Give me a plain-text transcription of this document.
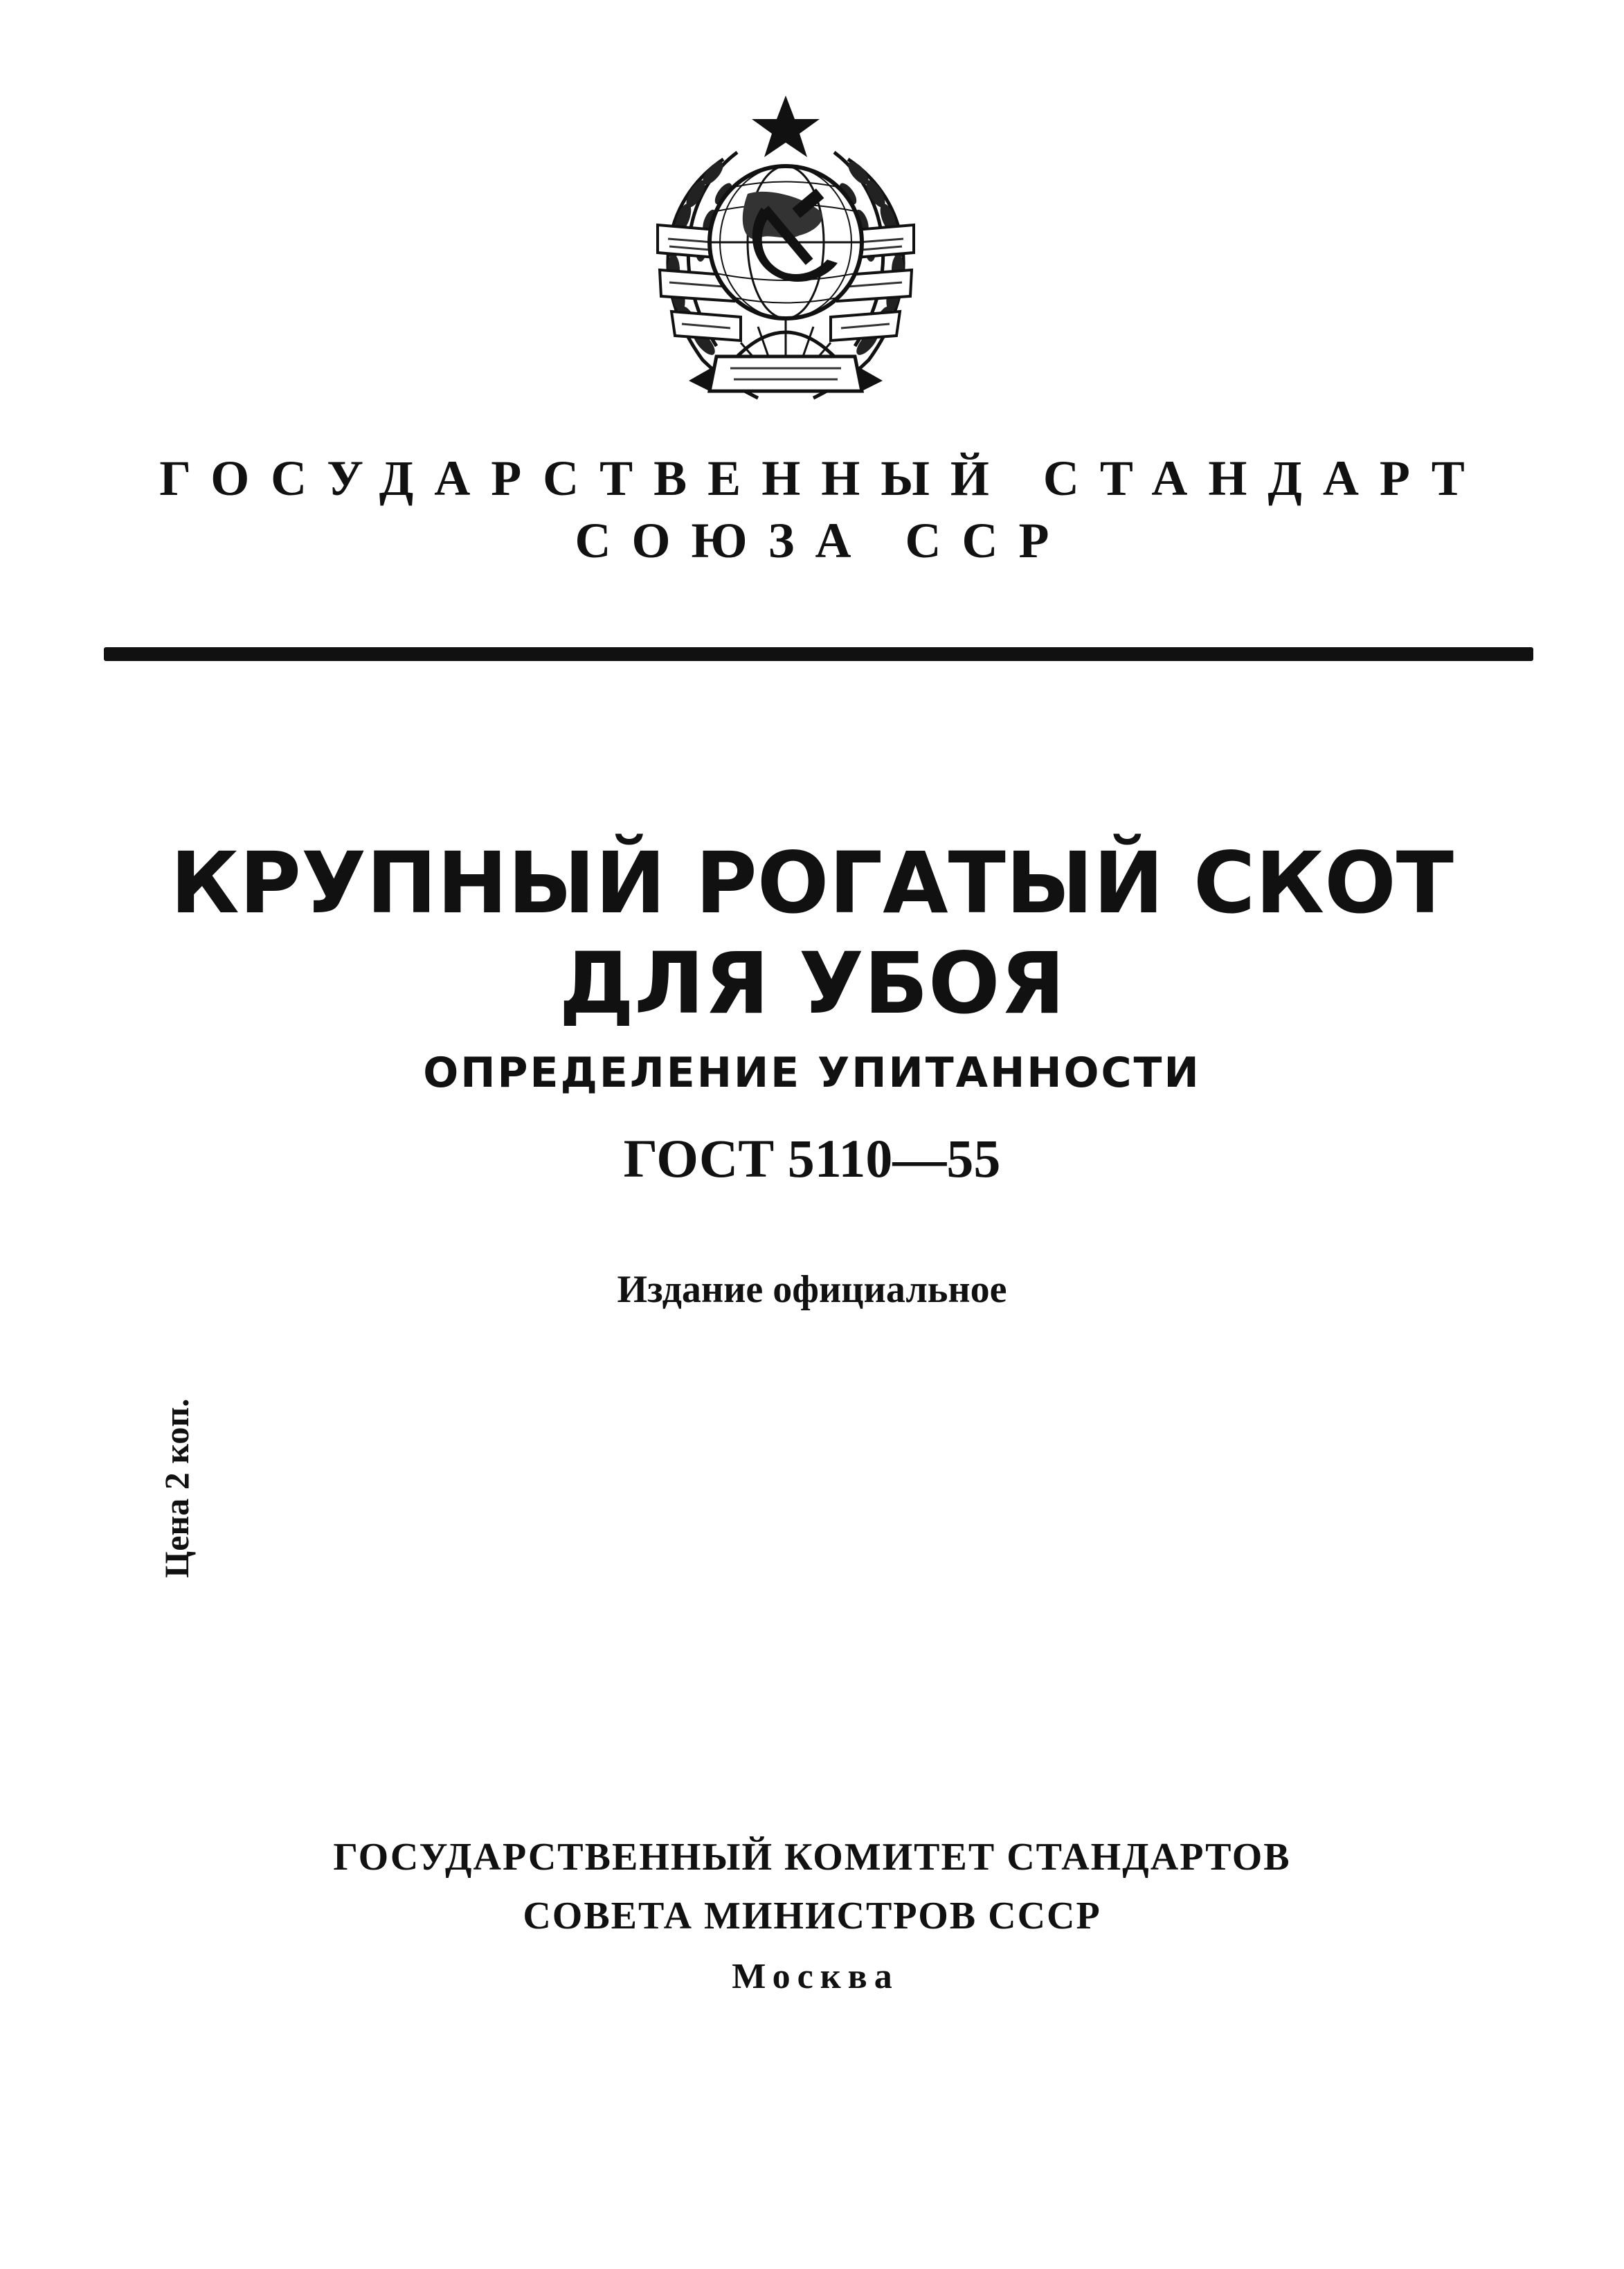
ГОСУДАРСТВЕННЫЙ СТАНДАРТ
СОЮЗА ССР
КРУПНЫЙ РОГАТЫЙ СКОТ
ДЛЯ УБОЯ
ОПРЕДЕЛЕНИЕ УПИТАННОСТИ
ГОСТ 5110—55
Издание официальное
Цена 2 коп.
ГОСУДАРСТВЕННЫЙ КОМИТЕТ СТАНДАРТОВ
СОВЕТА МИНИСТРОВ СССР
Москва
